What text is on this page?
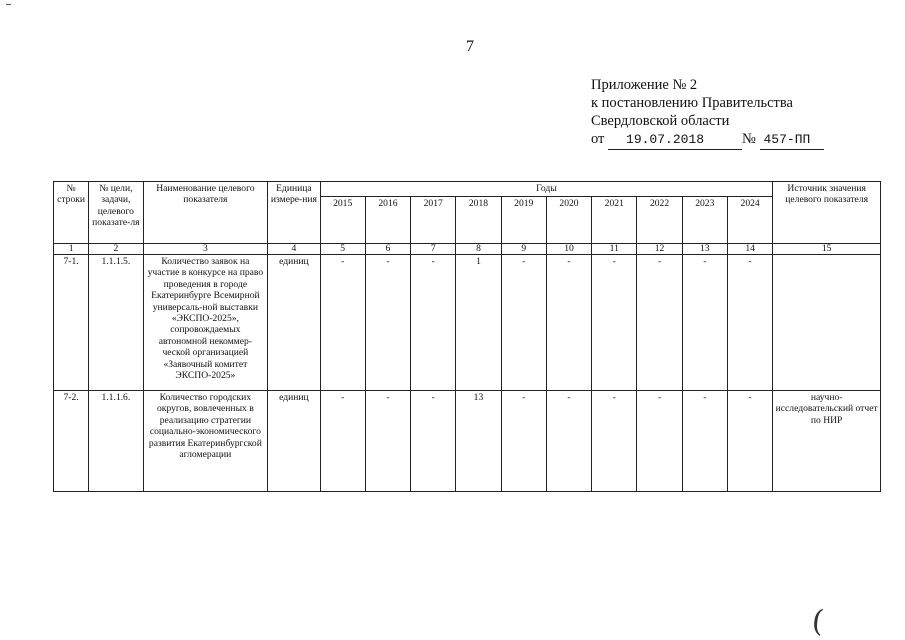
7
Приложение № 2
к постановлению Правительства
Свердловской области
от 19.07.2018	№ 457-ПП
№ строки	№ цели, задачи, целевого показате-ля	Наименование целевого показателя	Единица измере-ния	Годы										Источник значения целевого показателя
				2015	2016	2017	2018	2019	2020	2021	2022	2023	2024	
1	2	3	4	5	6	7	8	9	10	11	12	13	14	15
7-1.	1.1.1.5.	Количество заявок на участие в конкурсе на право проведения в городе Екатеринбурге Всемирной универсаль-ной выставки «ЭКСПО-2025», сопровождаемых автономной некоммер-ческой организацией «Заявочный комитет ЭКСПО-2025»	единиц	-	-	-	1	-	-	-	-	-	-	
7-2.	1.1.1.6.	Количество городских округов, вовлеченных в реализацию стратегии социально-экономического развития Екатеринбургской агломерации	единиц	-	-	-	13	-	-	-	-	-	-	научно-исследовательский отчет по НИР
(
